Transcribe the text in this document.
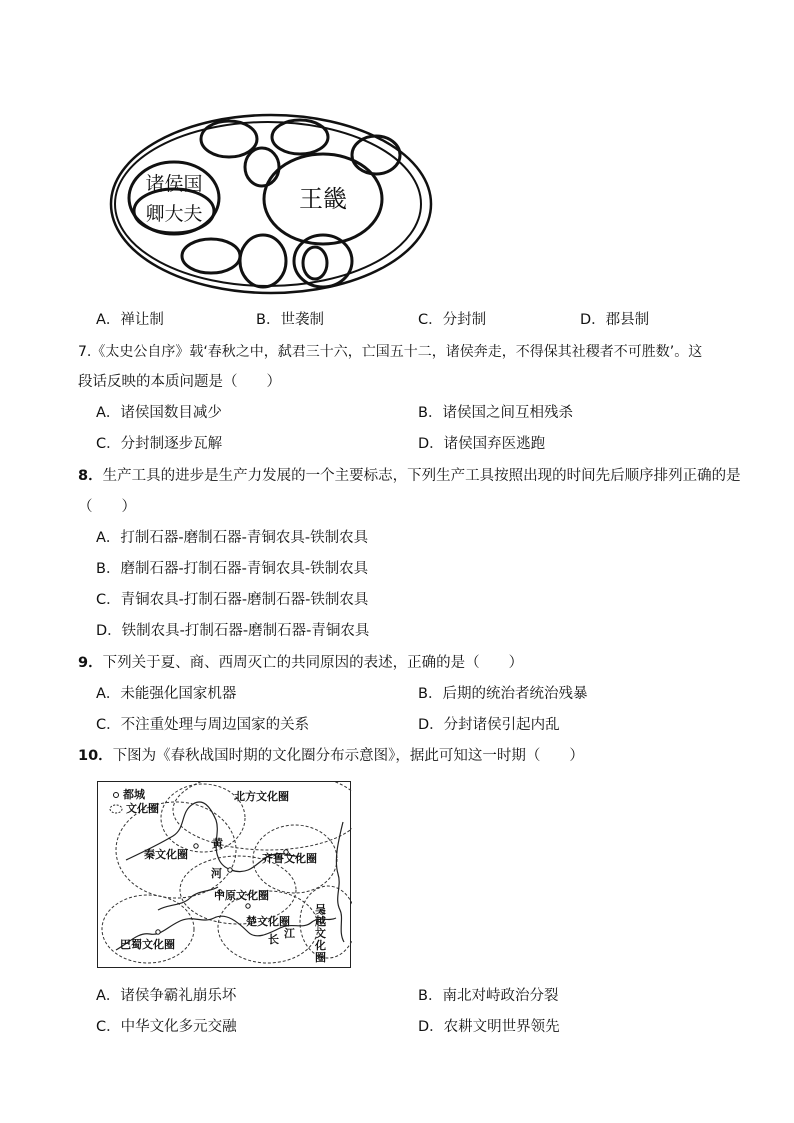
诸侯国
卿大夫
王畿
A．禅让制	B．世袭制	C．分封制	D．郡县制
7.《太史公自序》载‘春秋之中，弑君三十六，亡国五十二，诸侯奔走，不得保其社稷者不可胜数’。这
段话反映的本质问题是（　　）
A．诸侯国数目减少	B．诸侯国之间互相残杀
C．分封制逐步瓦解	D．诸侯国弃医逃跑
8．生产工具的进步是生产力发展的一个主要标志，下列生产工具按照出现的时间先后顺序排列正确的是
（　　）
A．打制石器-磨制石器-青铜农具-铁制农具
B．磨制石器-打制石器-青铜农具-铁制农具
C．青铜农具-打制石器-磨制石器-铁制农具
D．铁制农具-打制石器-磨制石器-青铜农具
9．下列关于夏、商、西周灭亡的共同原因的表述，正确的是（　　）
A．未能强化国家机器	B．后期的统治者统治残暴
C．不注重处理与周边国家的关系	D．分封诸侯引起内乱
10．下图为《春秋战国时期的文化圈分布示意图》，据此可知这一时期（　　）
都城
文化圈
北方文化圈
秦文化圈	齐鲁文化圈
中原文化圈
楚文化圈
巴蜀文化圈
吴越文化圈
黄
河
长 江
A．诸侯争霸礼崩乐坏	B．南北对峙政治分裂
C．中华文化多元交融	D．农耕文明世界领先
